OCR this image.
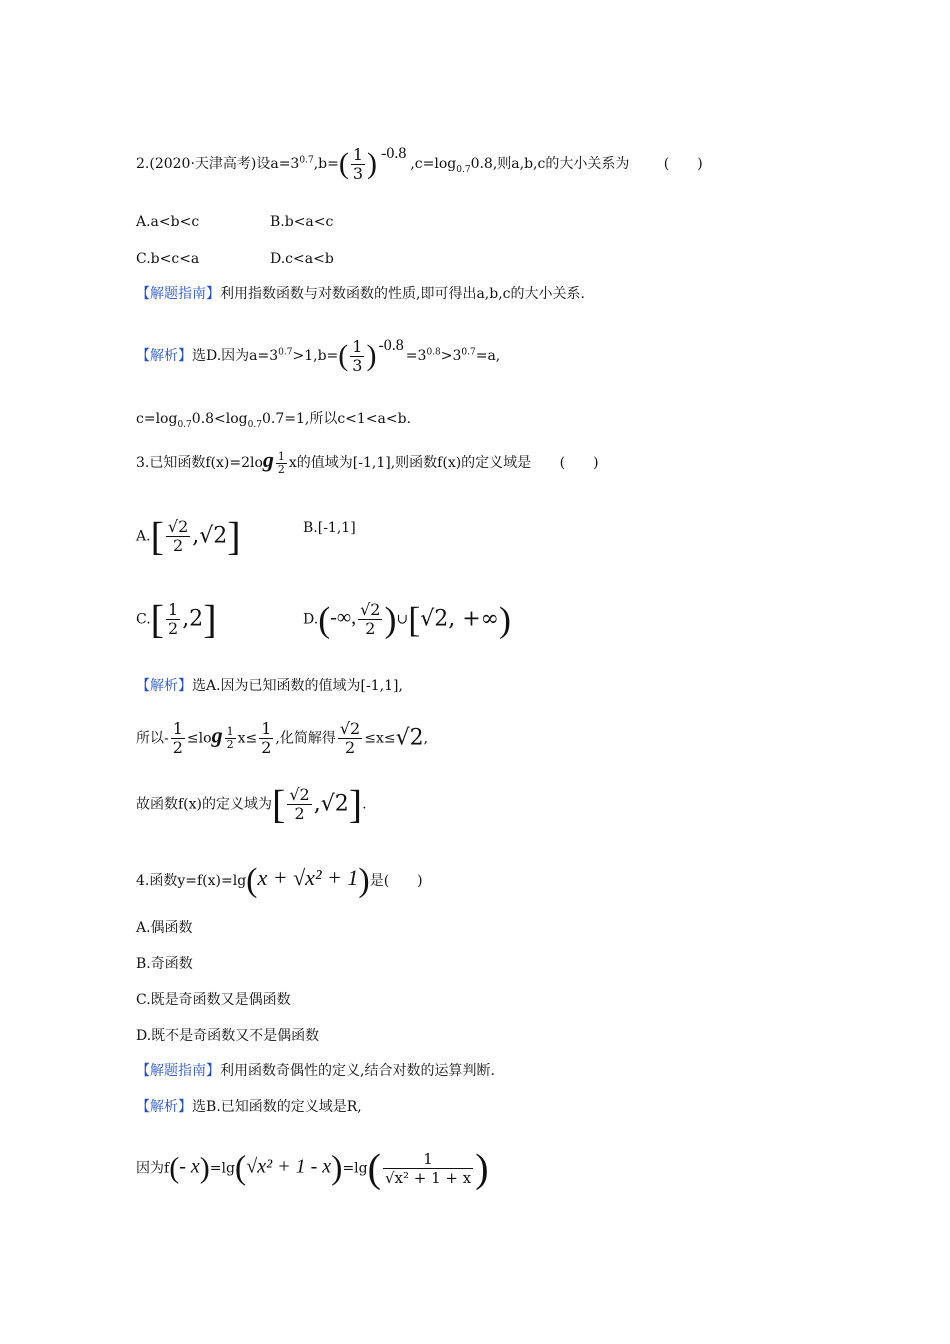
2.(2020·天津高考)设$a=3^{0.7},b=( \frac{1}{3}$ ) $-0.8,c=\log_{0.7}0.8$,则a,b,c的大小关系为 (　　)
A.a<b<c	B.b<a<c
C.b<c<a	D.c<a<b
【解题指南】利用指数函数与对数函数的性质,即可得出a,b,c的大小关系.
【解析】选D.因为$a=3^{0.7}>1,b=( \frac{1}{3}$ ) $-0.8=3^{0.8}>3^{0.7}=a$,
$c=\log_{0.7}0.8<\log_{0.7}0.7=1$,所以c<1<a<b.
3.已知函数$f(x)=2\log \frac{1}{2}$ x的值域为[-1,1],则函数f(x)的定义域是 (　　)
$A.[ \frac{√2}{2} ,√2]$	B.[-1,1]
$C.[ \frac{1}{2} ,2]$	D.(-∞, $\frac{√2}{2}$ )∪[√2, +∞)
【解析】选A.因为已知函数的值域为[-1,1],
所以- $\frac{1}{2} \le\log \frac{1}{2} x\le \frac{1}{2}$ ,化简解得 $\frac{√2}{2} \le x\le√2$,
故函数f(x)的定义域为[ $\frac{√2}{2} ,√2$].
4.函数y=f(x)=lg(x + √x² + 1)是(　　)
A.偶函数
B.奇函数
C.既是奇函数又是偶函数
D.既不是奇函数又不是偶函数
【解题指南】利用函数奇偶性的定义,结合对数的运算判断.
【解析】选B.已知函数的定义域是R,
因为f(- $x)=\lg(√x^2 + 1 - x)=\lg( \frac{1}{\text{√x² + 1 + x}}$ )
